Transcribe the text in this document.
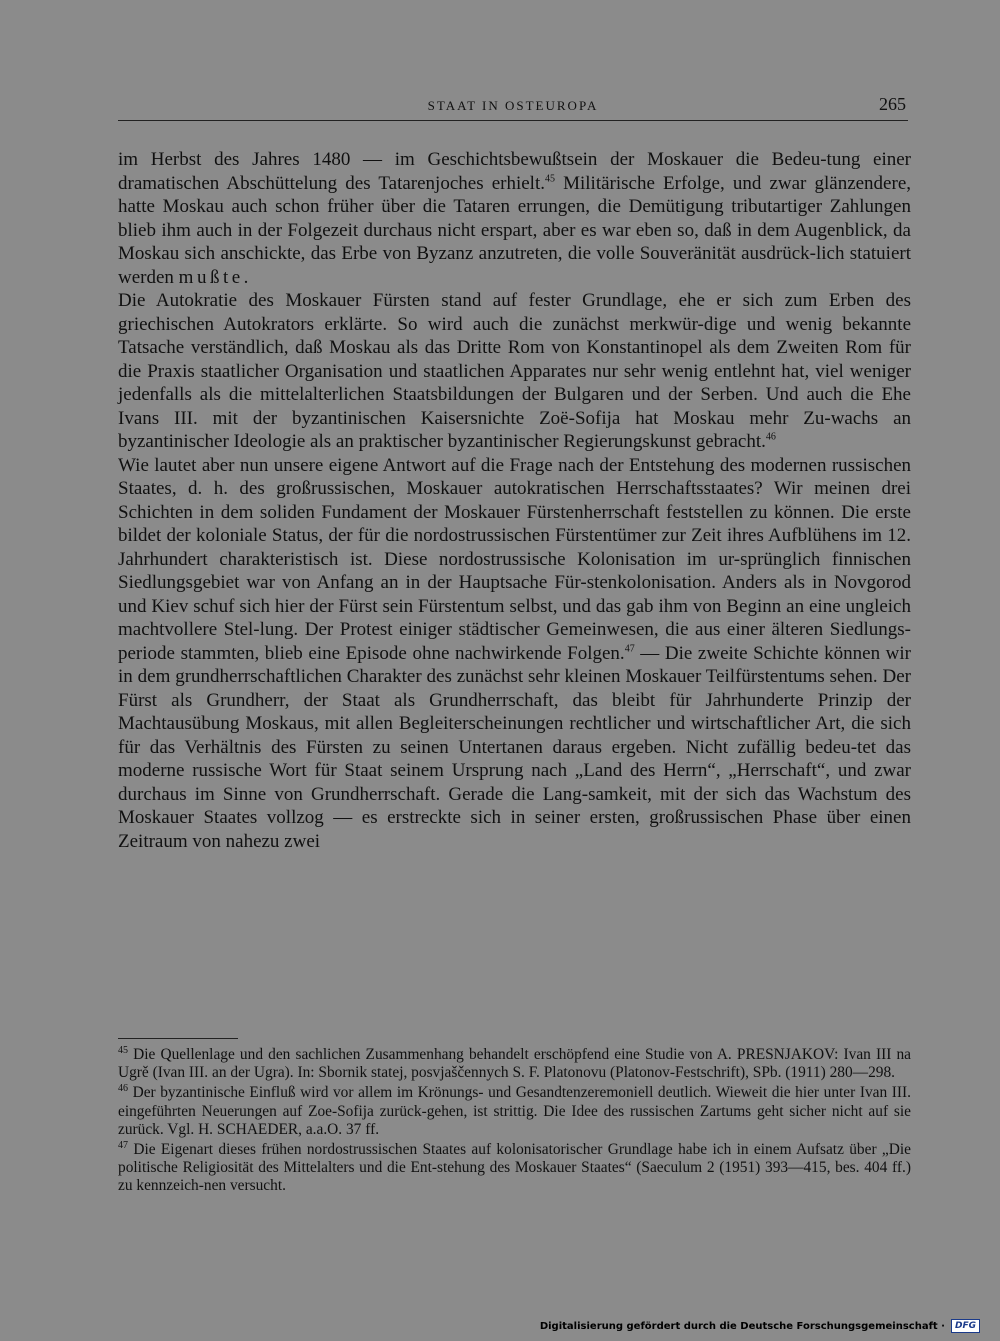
STAAT IN OSTEUROPA	265

im Herbst des Jahres 1480 — im Geschichtsbewußtsein der Moskauer die Bedeu-tung einer dramatischen Abschüttelung des Tatarenjoches erhielt.$^{45}$ Militärische Erfolge, und zwar glänzendere, hatte Moskau auch schon früher über die Tataren errungen, die Demütigung tributartiger Zahlungen blieb ihm auch in der Folgezeit durchaus nicht erspart, aber es war eben so, daß in dem Augenblick, da Moskau sich anschickte, das Erbe von Byzanz anzutreten, die volle Souveränität ausdrück-lich statuiert werden mußte.

Die Autokratie des Moskauer Fürsten stand auf fester Grundlage, ehe er sich zum Erben des griechischen Autokrators erklärte. So wird auch die zunächst merkwür-dige und wenig bekannte Tatsache verständlich, daß Moskau als das Dritte Rom von Konstantinopel als dem Zweiten Rom für die Praxis staatlicher Organisation und staatlichen Apparates nur sehr wenig entlehnt hat, viel weniger jedenfalls als die mittelalterlichen Staatsbildungen der Bulgaren und der Serben. Und auch die Ehe Ivans III. mit der byzantinischen Kaisersnichte Zoë-Sofija hat Moskau mehr Zu-wachs an byzantinischer Ideologie als an praktischer byzantinischer Regierungskunst gebracht.$^{46}$

Wie lautet aber nun unsere eigene Antwort auf die Frage nach der Entstehung des modernen russischen Staates, d. h. des großrussischen, Moskauer autokratischen Herrschaftsstaates? Wir meinen drei Schichten in dem soliden Fundament der Moskauer Fürstenherrschaft feststellen zu können. Die erste bildet der koloniale Status, der für die nordostrussischen Fürstentümer zur Zeit ihres Aufblühens im 12. Jahrhundert charakteristisch ist. Diese nordostrussische Kolonisation im ur-sprünglich finnischen Siedlungsgebiet war von Anfang an in der Hauptsache Für-stenkolonisation. Anders als in Novgorod und Kiev schuf sich hier der Fürst sein Fürstentum selbst, und das gab ihm von Beginn an eine ungleich machtvollere Stel-lung. Der Protest einiger städtischer Gemeinwesen, die aus einer älteren Siedlungs-periode stammten, blieb eine Episode ohne nachwirkende Folgen.$^{47}$ — Die zweite Schichte können wir in dem grundherrschaftlichen Charakter des zunächst sehr kleinen Moskauer Teilfürstentums sehen. Der Fürst als Grundherr, der Staat als Grundherrschaft, das bleibt für Jahrhunderte Prinzip der Machtausübung Moskaus, mit allen Begleiterscheinungen rechtlicher und wirtschaftlicher Art, die sich für das Verhältnis des Fürsten zu seinen Untertanen daraus ergeben. Nicht zufällig bedeu-tet das moderne russische Wort für Staat seinem Ursprung nach „Land des Herrn“, „Herrschaft“, und zwar durchaus im Sinne von Grundherrschaft. Gerade die Lang-samkeit, mit der sich das Wachstum des Moskauer Staates vollzog — es erstreckte sich in seiner ersten, großrussischen Phase über einen Zeitraum von nahezu zwei

$^{45}$ Die Quellenlage und den sachlichen Zusammenhang behandelt erschöpfend eine Studie von A. PRESNJAKOV: Ivan III na Ugrě (Ivan III. an der Ugra). In: Sbornik statej, posvjaščennych S. F. Platonovu (Platonov-Festschrift), SPb. (1911) 280—298.

$^{46}$ Der byzantinische Einfluß wird vor allem im Krönungs- und Gesandtenzeremoniell deutlich. Wieweit die hier unter Ivan III. eingeführten Neuerungen auf Zoe-Sofija zurück-gehen, ist strittig. Die Idee des russischen Zartums geht sicher nicht auf sie zurück. Vgl. H. SCHAEDER, a.a.O. 37 ff.

$^{47}$ Die Eigenart dieses frühen nordostrussischen Staates auf kolonisatorischer Grundlage habe ich in einem Aufsatz über „Die politische Religiosität des Mittelalters und die Ent-stehung des Moskauer Staates“ (Saeculum 2 (1951) 393—415, bes. 404 ff.) zu kennzeich-nen versucht.

Digitalisierung gefördert durch die Deutsche Forschungsgemeinschaft ·	DFG
